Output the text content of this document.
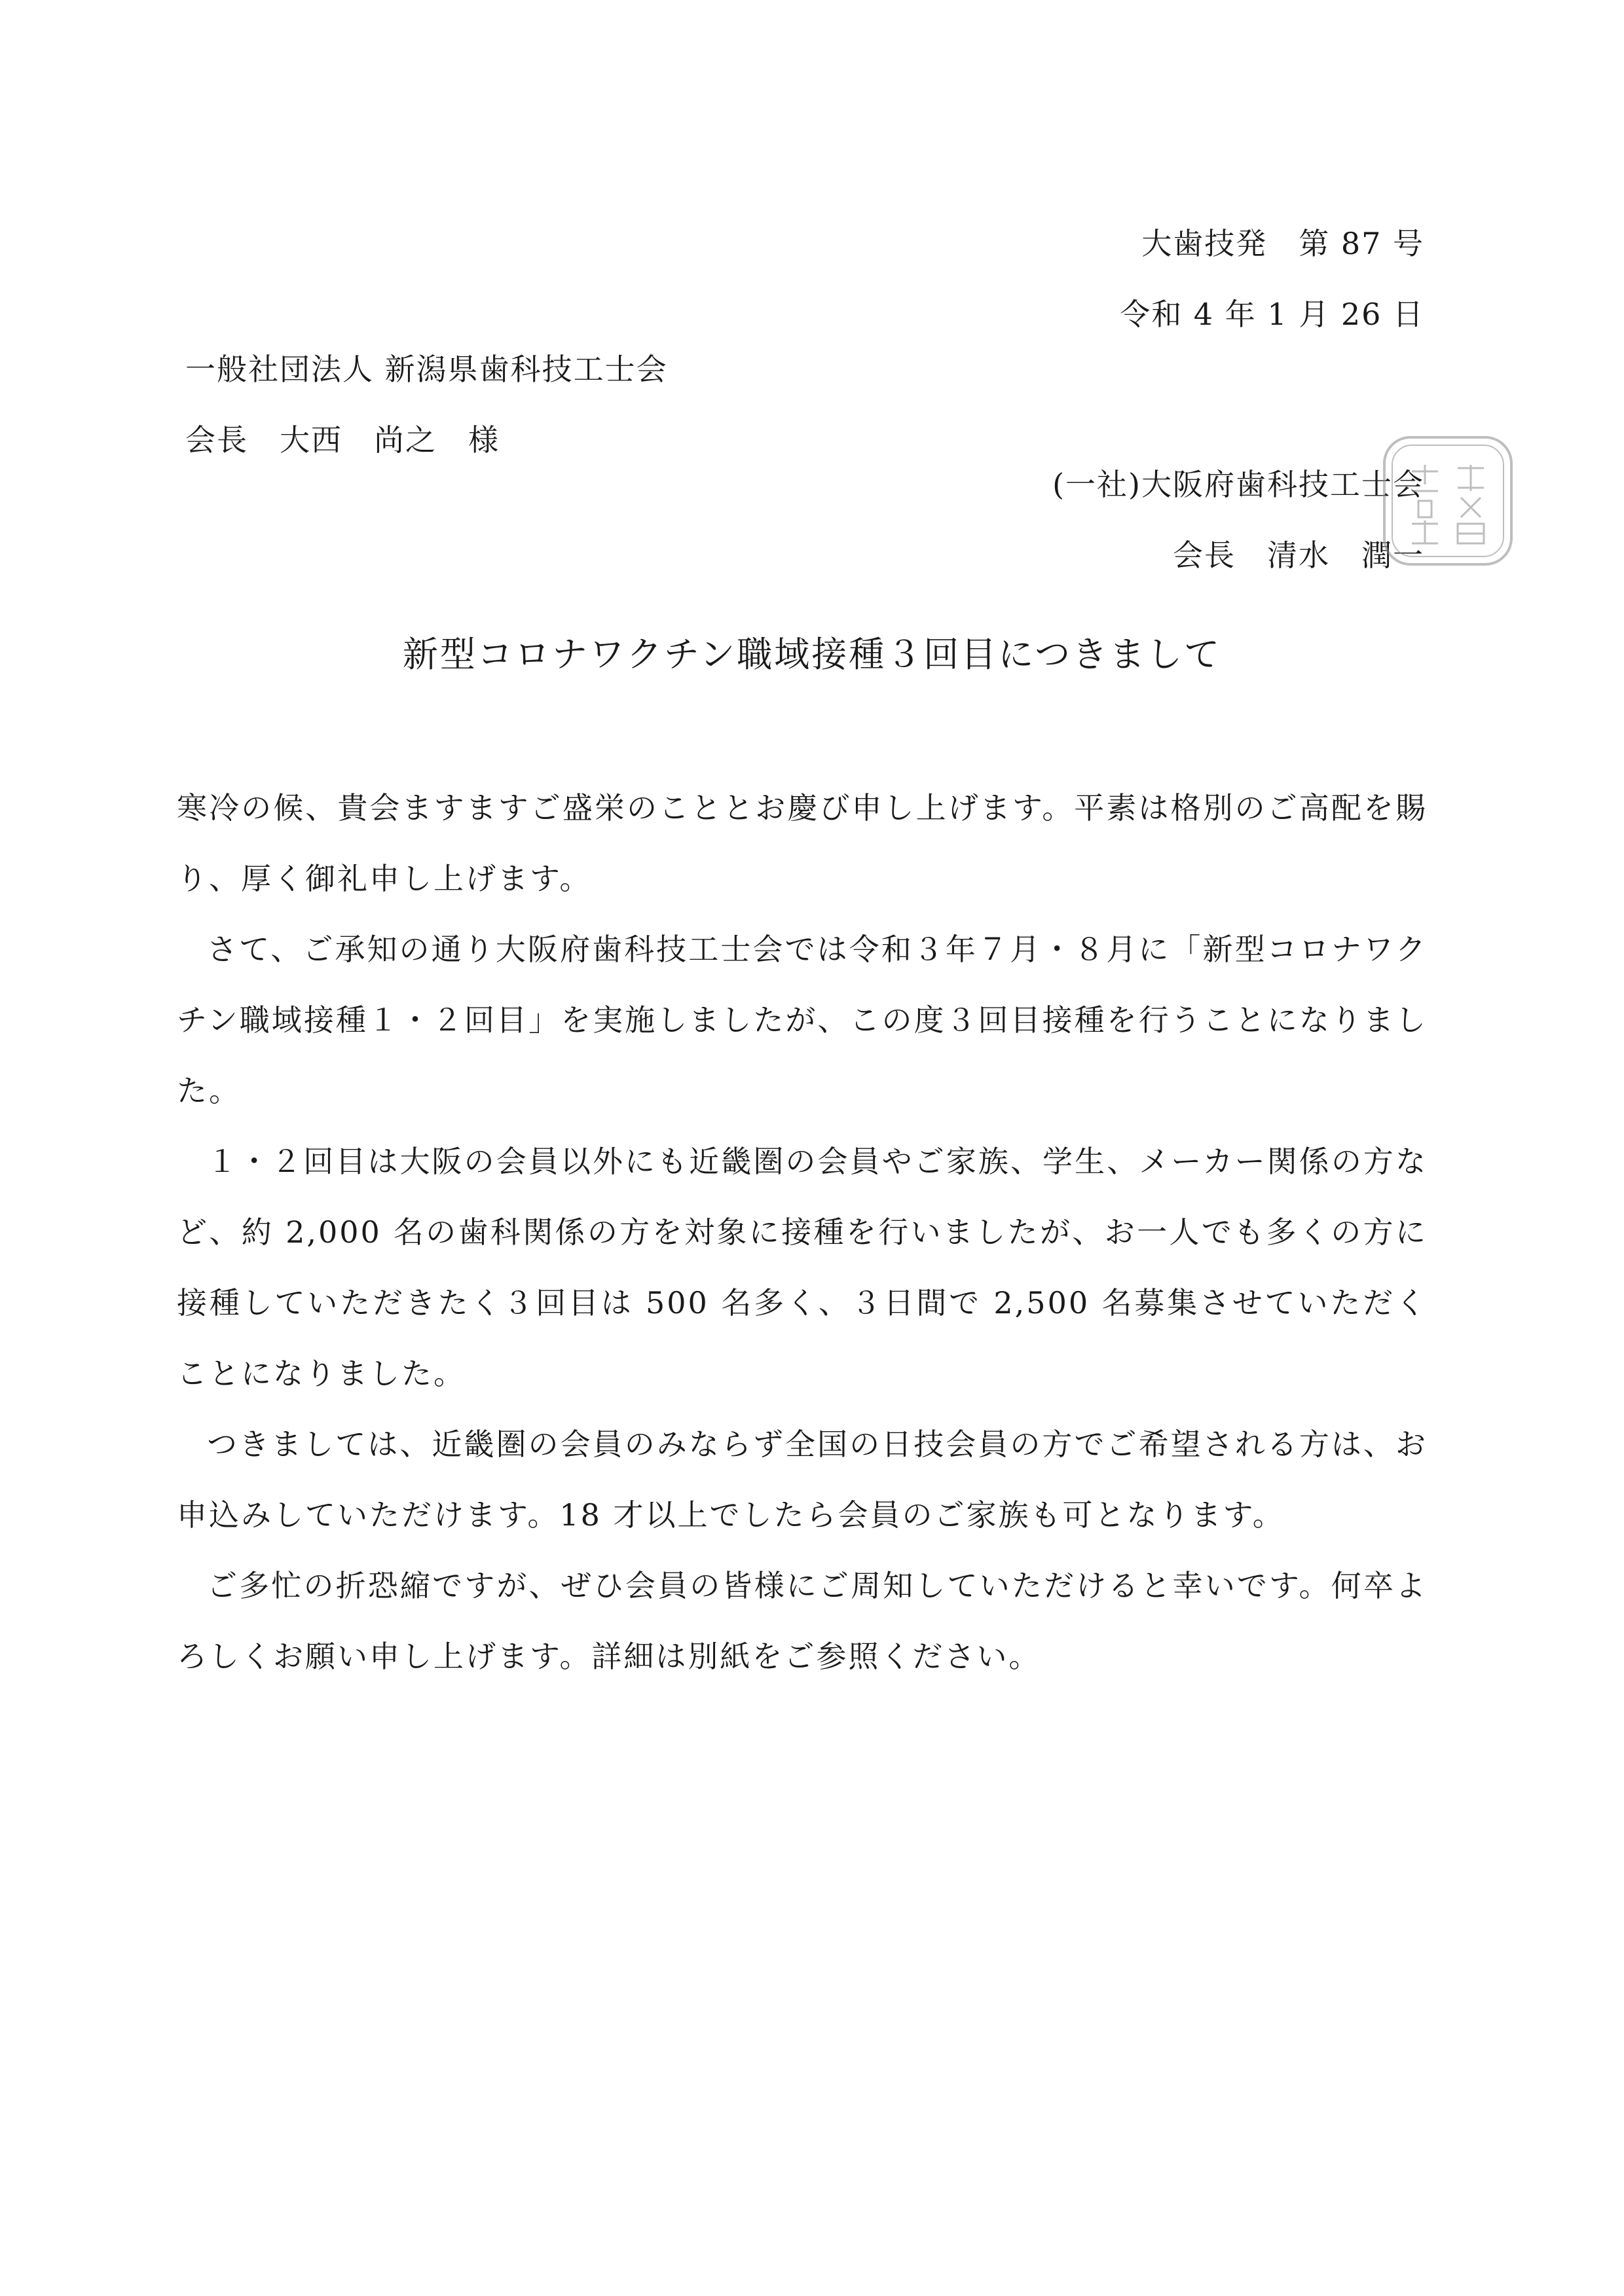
大歯技発　第 87 号
令和 4 年 1 月 26 日
一般社団法人 新潟県歯科技工士会
会長　大西　尚之　様
(一社)大阪府歯科技工士会
会長　清水　潤一
新型コロナワクチン職域接種３回目につきまして

寒冷の候、貴会ますますご盛栄のこととお慶び申し上げます。平素は格別のご高配を賜り、厚く御礼申し上げます。

さて、ご承知の通り大阪府歯科技工士会では令和３年７月・８月に「新型コロナワクチン職域接種１・２回目」を実施しましたが、この度３回目接種を行うことになりました。

１・２回目は大阪の会員以外にも近畿圏の会員やご家族、学生、メーカー関係の方など、約 2,000 名の歯科関係の方を対象に接種を行いましたが、お一人でも多くの方に接種していただきたく３回目は 500 名多く、３日間で 2,500 名募集させていただくことになりました。

つきましては、近畿圏の会員のみならず全国の日技会員の方でご希望される方は、お申込みしていただけます。18 才以上でしたら会員のご家族も可となります。

ご多忙の折恐縮ですが、ぜひ会員の皆様にご周知していただけると幸いです。何卒よろしくお願い申し上げます。詳細は別紙をご参照ください。
